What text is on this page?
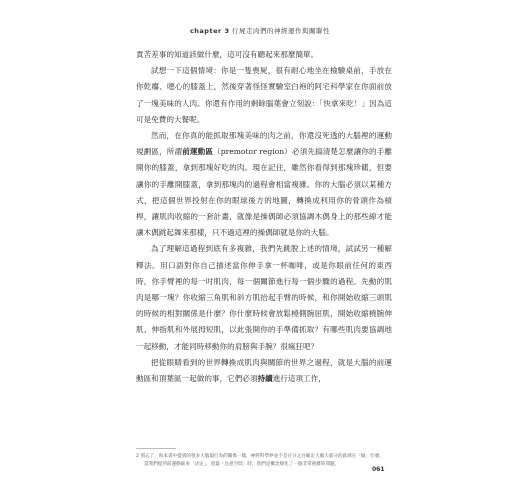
chapter 3 行屍走肉們的神經運作與關聯性

責苦差事的知道該做什麼，這可沒有聽起來那麼簡單。

試想一下這個情境：你是一隻喪屍，很有耐心地坐在檢驗桌前，手放在你乾癟、噁心的膝蓋上，然後穿著怪怪實驗室白袍的阿宅科學家在你面前放了一塊美味的人肉。你還有作用的剩餘腦葉會立刻說：「快拿來吃！」因為這可是免費的大餐呢。

然而，在你真的能抓取那塊美味的肉之前，你還沒死透的大腦裡的運動規劃區，所謂前運動區（premotor region）必須先搞清楚怎麼讓你的手離開你的膝蓋，拿到那塊好吃的肉。現在記住，雖然你看得到那塊珍饈，但要讓你的手離開膝蓋，拿到那塊肉的過程會相當複雜。你的大腦必須以某種方式，把這個世界投射在你的眼球後方的地圖，轉換成利用你的骨頭作為槓桿，讓肌肉收縮的一套計畫，就像是操偶師必須協調木偶身上的那些線才能讓木偶跳起舞來那樣，只不過這裡的操偶師就是你的大腦。

為了理解這過程到底有多複雜，我們先跳脫上述的情境，試試另一種解釋法。用口語對你自己描述當你伸手拿一杯咖啡，或是你眼前任何的東西時，你手臂裡的每一吋肌肉，每一個關節進行每一個步驟的過程。先動的肌肉是哪一塊？你收縮三角肌和斜方肌抬起手臂的時候，和你開始收縮三頭肌的時候的相對關係是什麼？你什麼時候會放鬆橈側腕屈肌，開始收縮橈腕伸肌、伸指肌和外展拇短肌，以此張開你的手準備抓取？有哪些肌肉要協調地一起移動，才能同時移動你的肩膀與手腕？很瘋狂吧？

把從眼睛看到的世界轉換成肌肉與關節的世界之過程，就是大腦的前運動區和頂葉區一起做的事，它們必須持續進行這項工作，

2 別忘了，和本書中提到的很多大腦現行為的關係一樣，神經科學界並不是百分之百確定大腦大部分的區域在「做」什麼。當我們提到前運動區來「決定」，頂葉「注意空間」時，我們是概念層化了一個非常複雜的問題。

061
